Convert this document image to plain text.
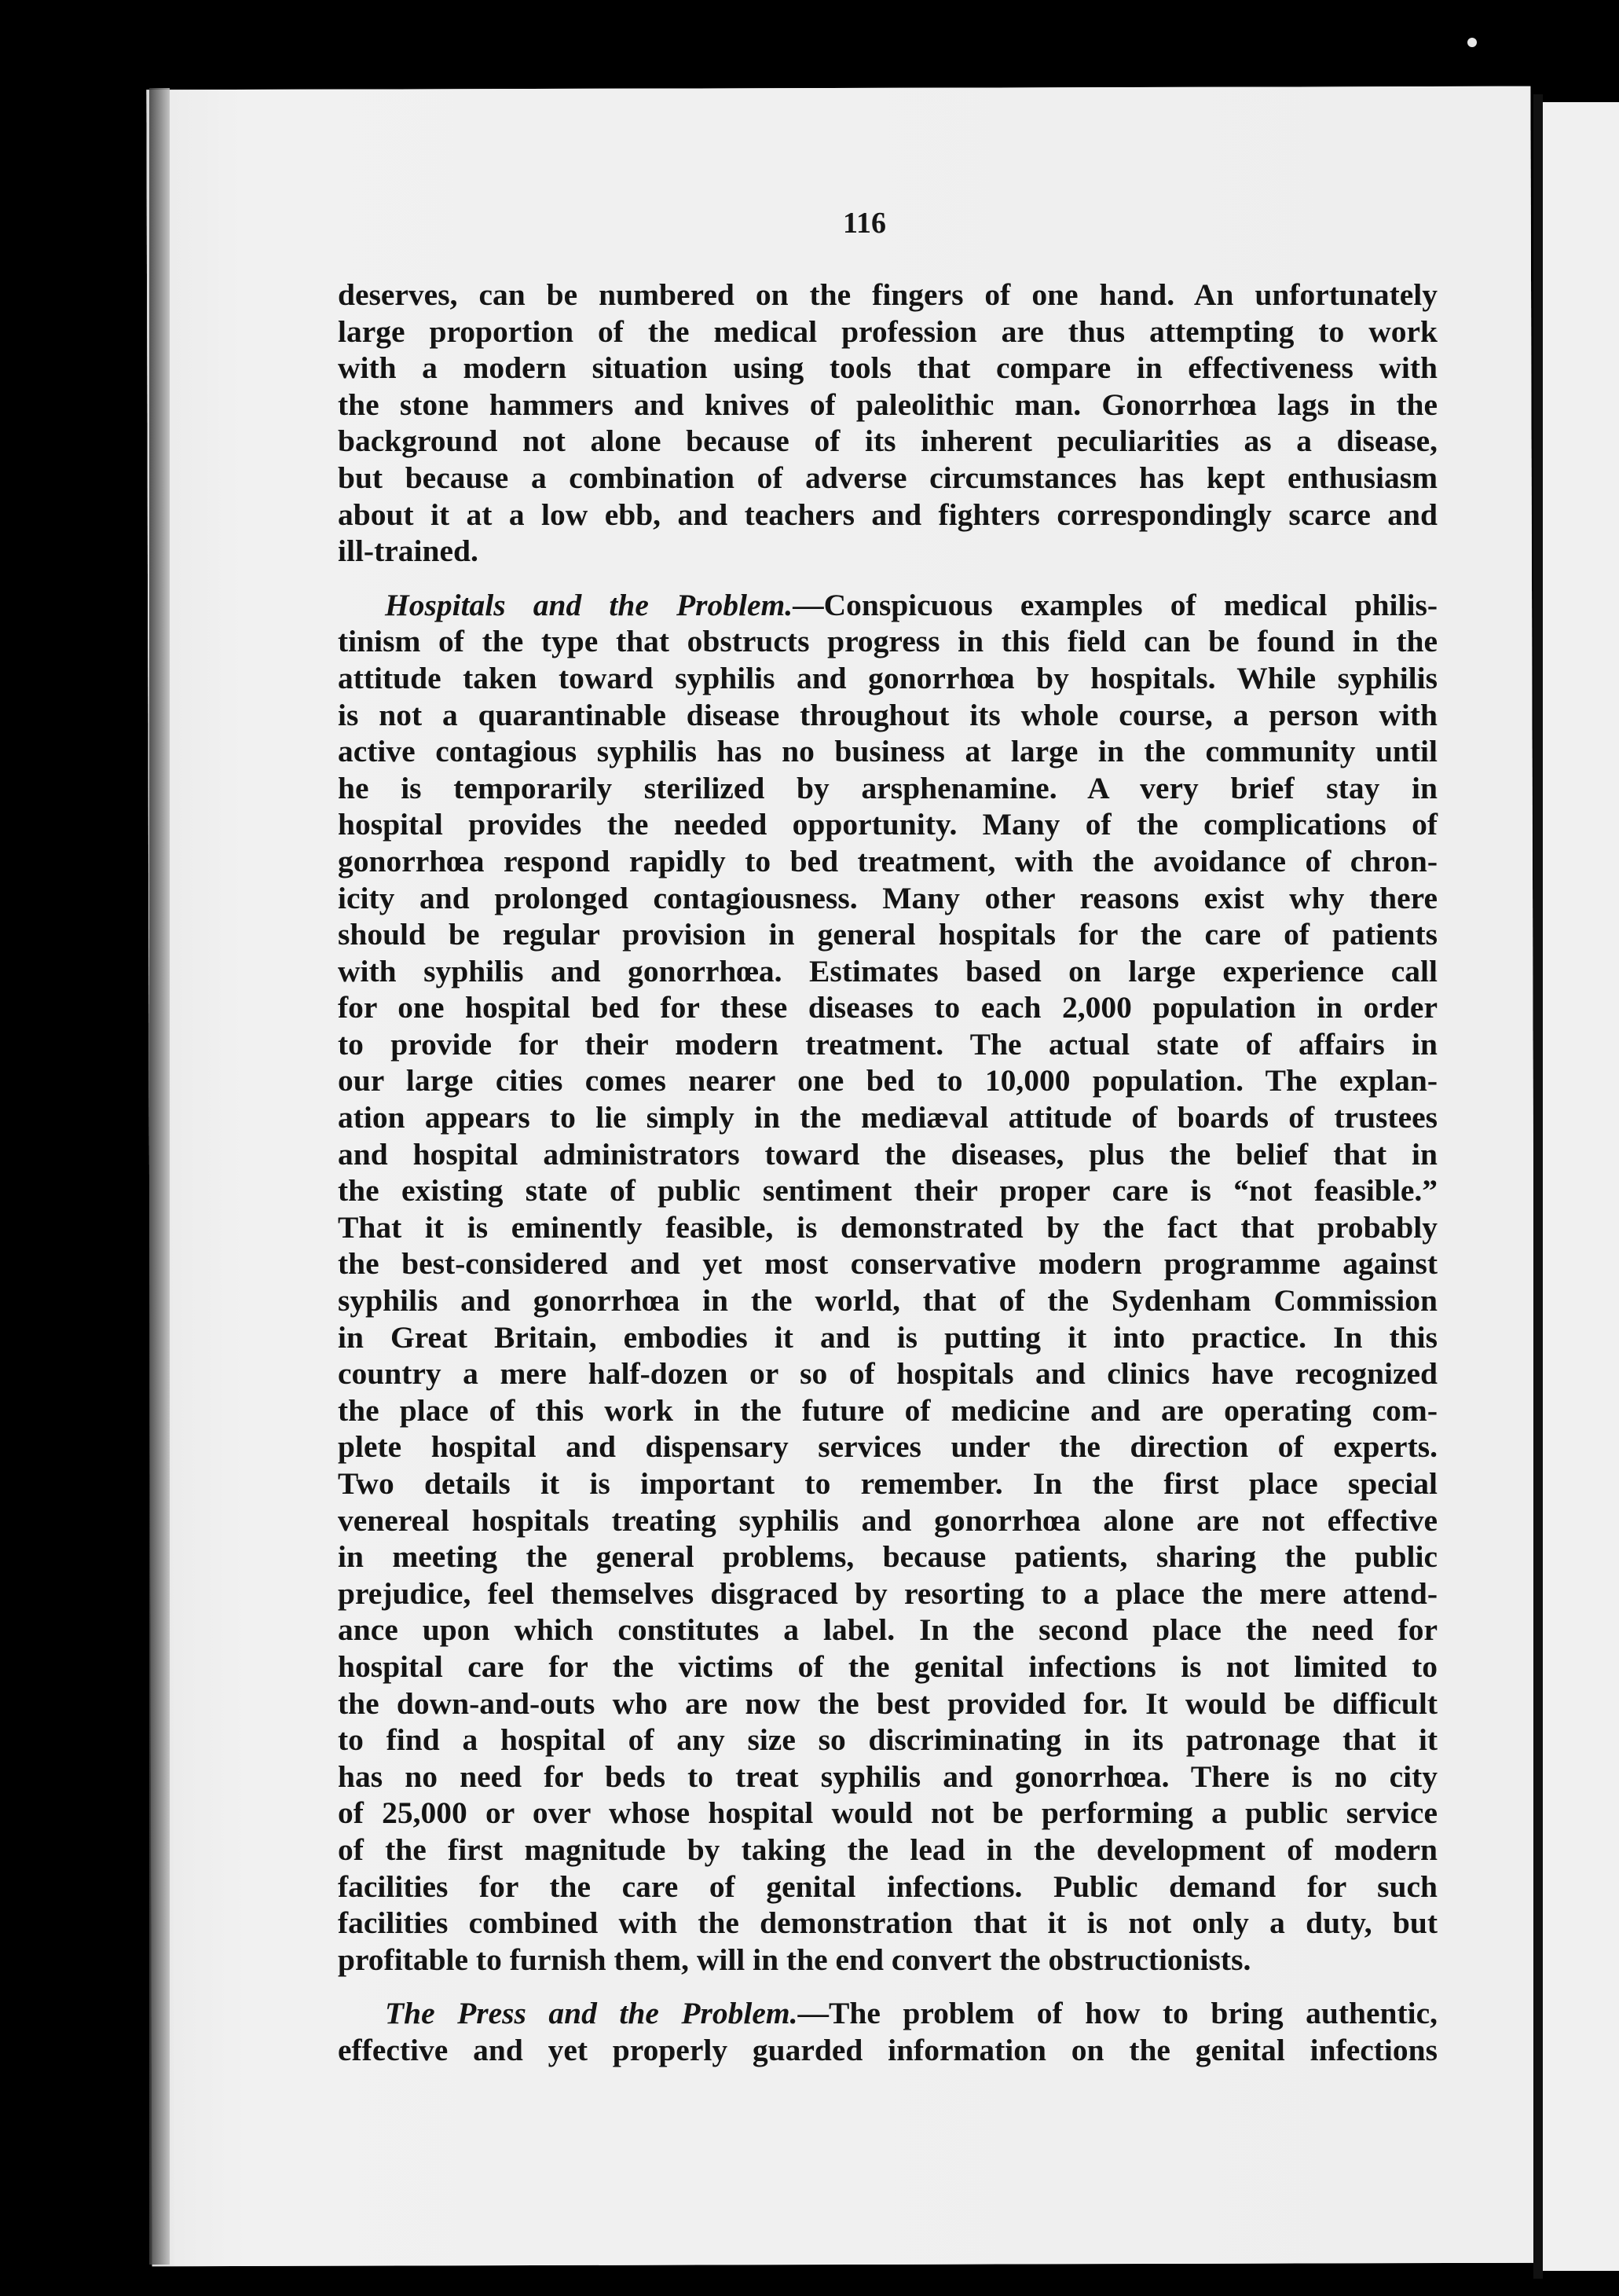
116
deserves, can be numbered on the fingers of one hand. An unfortunately
large proportion of the medical profession are thus attempting to work
with a modern situation using tools that compare in effectiveness with
the stone hammers and knives of paleolithic man. Gonorrhœa lags in the
background not alone because of its inherent peculiarities as a disease,
but because a combination of adverse circumstances has kept enthusiasm
about it at a low ebb, and teachers and fighters correspondingly scarce and
ill-trained.
Hospitals and the Problem.—Conspicuous examples of medical philis-
tinism of the type that obstructs progress in this field can be found in the
attitude taken toward syphilis and gonorrhœa by hospitals. While syphilis
is not a quarantinable disease throughout its whole course, a person with
active contagious syphilis has no business at large in the community until
he is temporarily sterilized by arsphenamine. A very brief stay in
hospital provides the needed opportunity. Many of the complications of
gonorrhœa respond rapidly to bed treatment, with the avoidance of chron-
icity and prolonged contagiousness. Many other reasons exist why there
should be regular provision in general hospitals for the care of patients
with syphilis and gonorrhœa. Estimates based on large experience call
for one hospital bed for these diseases to each 2,000 population in order
to provide for their modern treatment. The actual state of affairs in
our large cities comes nearer one bed to 10,000 population. The explan-
ation appears to lie simply in the mediæval attitude of boards of trustees
and hospital administrators toward the diseases, plus the belief that in
the existing state of public sentiment their proper care is “not feasible.”
That it is eminently feasible, is demonstrated by the fact that probably
the best-considered and yet most conservative modern programme against
syphilis and gonorrhœa in the world, that of the Sydenham Commission
in Great Britain, embodies it and is putting it into practice. In this
country a mere half-dozen or so of hospitals and clinics have recognized
the place of this work in the future of medicine and are operating com-
plete hospital and dispensary services under the direction of experts.
Two details it is important to remember. In the first place special
venereal hospitals treating syphilis and gonorrhœa alone are not effective
in meeting the general problems, because patients, sharing the public
prejudice, feel themselves disgraced by resorting to a place the mere attend-
ance upon which constitutes a label. In the second place the need for
hospital care for the victims of the genital infections is not limited to
the down-and-outs who are now the best provided for. It would be difficult
to find a hospital of any size so discriminating in its patronage that it
has no need for beds to treat syphilis and gonorrhœa. There is no city
of 25,000 or over whose hospital would not be performing a public service
of the first magnitude by taking the lead in the development of modern
facilities for the care of genital infections. Public demand for such
facilities combined with the demonstration that it is not only a duty, but
profitable to furnish them, will in the end convert the obstructionists.
The Press and the Problem.—The problem of how to bring authentic,
effective and yet properly guarded information on the genital infections
